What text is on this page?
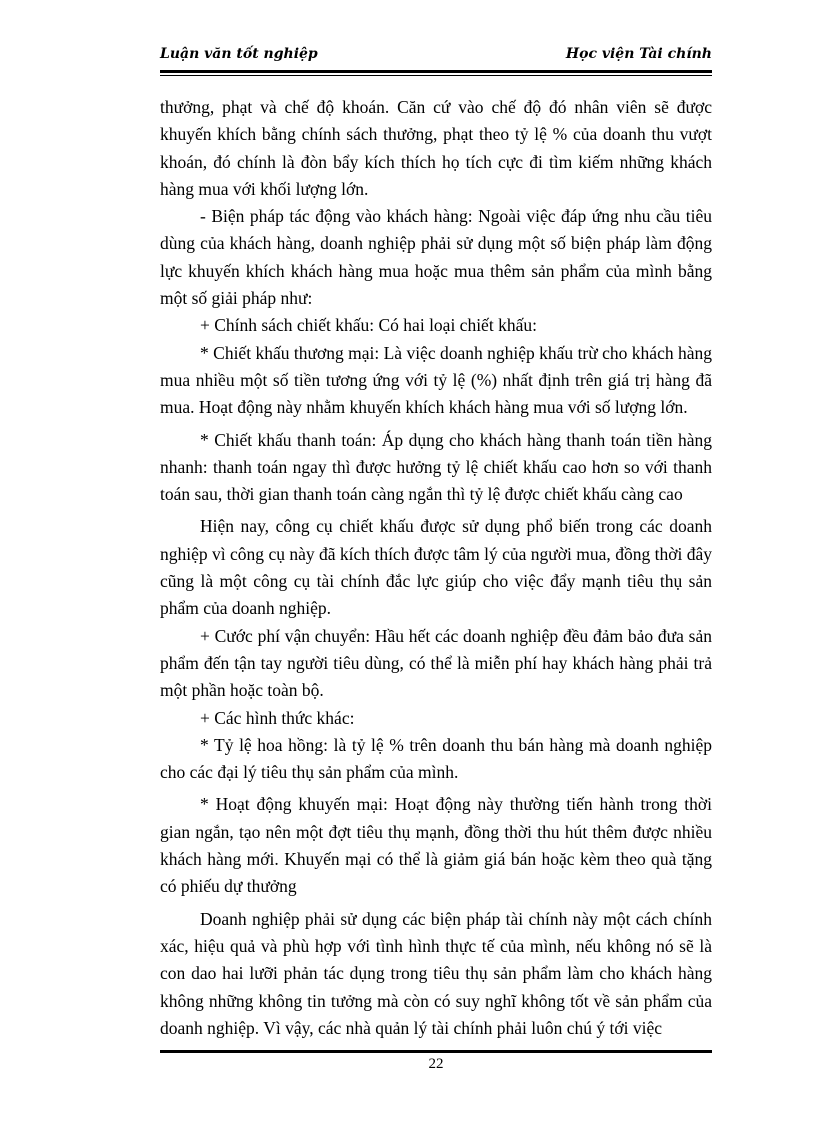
Luận văn tốt nghiệp	Học viện Tài chính

thưởng, phạt và chế độ khoán. Căn cứ vào chế độ đó nhân viên sẽ được khuyến khích bằng chính sách thưởng, phạt theo tỷ lệ % của doanh thu vượt khoán, đó chính là đòn bẩy kích thích họ tích cực đi tìm kiếm những khách hàng mua với khối lượng lớn.

- Biện pháp tác động vào khách hàng: Ngoài việc đáp ứng nhu cầu tiêu dùng của khách hàng, doanh nghiệp phải sử dụng một số biện pháp làm động lực khuyến khích khách hàng mua hoặc mua thêm sản phẩm của mình bằng một số giải pháp như:

+ Chính sách chiết khấu: Có hai loại chiết khấu:

* Chiết khấu thương mại: Là việc doanh nghiệp khấu trừ cho khách hàng mua nhiều một số tiền tương ứng với tỷ lệ (%) nhất định trên giá trị hàng đã mua. Hoạt động này nhằm khuyến khích khách hàng mua với số lượng lớn.

* Chiết khấu thanh toán: Áp dụng cho khách hàng thanh toán tiền hàng nhanh: thanh toán ngay thì được hưởng tỷ lệ chiết khấu cao hơn so với thanh toán sau, thời gian thanh toán càng ngắn thì tỷ lệ được chiết khấu càng cao

Hiện nay, công cụ chiết khấu được sử dụng phổ biến trong các doanh nghiệp vì công cụ này đã kích thích được tâm lý của người mua, đồng thời đây cũng là một công cụ tài chính đắc lực giúp cho việc đẩy mạnh tiêu thụ sản phẩm của doanh nghiệp.

+ Cước phí vận chuyển: Hầu hết các doanh nghiệp đều đảm bảo đưa sản phẩm đến tận tay người tiêu dùng, có thể là miễn phí hay khách hàng phải trả một phần hoặc toàn bộ.

+ Các hình thức khác:

* Tỷ lệ hoa hồng: là tỷ lệ % trên doanh thu bán hàng mà doanh nghiệp cho các đại lý tiêu thụ sản phẩm của mình.

* Hoạt động khuyến mại: Hoạt động này thường tiến hành trong thời gian ngắn, tạo nên một đợt tiêu thụ mạnh, đồng thời thu hút thêm được nhiều khách hàng mới. Khuyến mại có thể là giảm giá bán hoặc kèm theo quà tặng có phiếu dự thưởng

Doanh nghiệp phải sử dụng các biện pháp tài chính này một cách chính xác, hiệu quả và phù hợp với tình hình thực tế của mình, nếu không nó sẽ là con dao hai lưỡi phản tác dụng trong tiêu thụ sản phẩm làm cho khách hàng không những không tin tưởng mà còn có suy nghĩ không tốt về sản phẩm của doanh nghiệp. Vì vậy, các nhà quản lý tài chính phải luôn chú ý tới việc

22
